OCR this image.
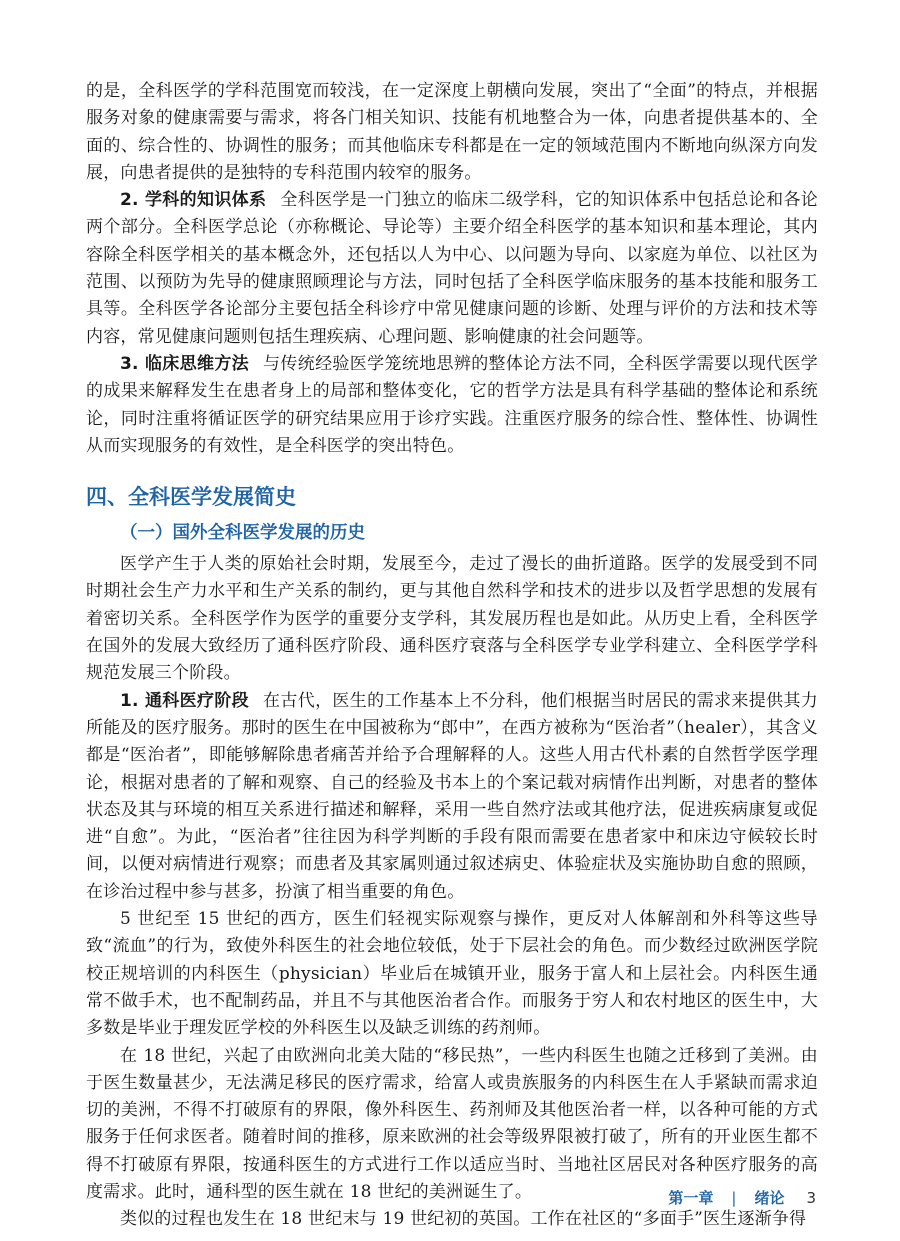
的是，全科医学的学科范围宽而较浅，在一定深度上朝横向发展，突出了“全面”的特点，并根据服务对象的健康需要与需求，将各门相关知识、技能有机地整合为一体，向患者提供基本的、全面的、综合性的、协调性的服务；而其他临床专科都是在一定的领域范围内不断地向纵深方向发展，向患者提供的是独特的专科范围内较窄的服务。

2. 学科的知识体系 全科医学是一门独立的临床二级学科，它的知识体系中包括总论和各论两个部分。全科医学总论（亦称概论、导论等）主要介绍全科医学的基本知识和基本理论，其内容除全科医学相关的基本概念外，还包括以人为中心、以问题为导向、以家庭为单位、以社区为范围、以预防为先导的健康照顾理论与方法，同时包括了全科医学临床服务的基本技能和服务工具等。全科医学各论部分主要包括全科诊疗中常见健康问题的诊断、处理与评价的方法和技术等内容，常见健康问题则包括生理疾病、心理问题、影响健康的社会问题等。

3. 临床思维方法 与传统经验医学笼统地思辨的整体论方法不同，全科医学需要以现代医学的成果来解释发生在患者身上的局部和整体变化，它的哲学方法是具有科学基础的整体论和系统论，同时注重将循证医学的研究结果应用于诊疗实践。注重医疗服务的综合性、整体性、协调性从而实现服务的有效性，是全科医学的突出特色。

四、全科医学发展简史
（一）国外全科医学发展的历史

医学产生于人类的原始社会时期，发展至今，走过了漫长的曲折道路。医学的发展受到不同时期社会生产力水平和生产关系的制约，更与其他自然科学和技术的进步以及哲学思想的发展有着密切关系。全科医学作为医学的重要分支学科，其发展历程也是如此。从历史上看，全科医学在国外的发展大致经历了通科医疗阶段、通科医疗衰落与全科医学专业学科建立、全科医学学科规范发展三个阶段。

1. 通科医疗阶段 在古代，医生的工作基本上不分科，他们根据当时居民的需求来提供其力所能及的医疗服务。那时的医生在中国被称为“郎中”，在西方被称为“医治者”（healer），其含义都是“医治者”，即能够解除患者痛苦并给予合理解释的人。这些人用古代朴素的自然哲学医学理论，根据对患者的了解和观察、自己的经验及书本上的个案记载对病情作出判断，对患者的整体状态及其与环境的相互关系进行描述和解释，采用一些自然疗法或其他疗法，促进疾病康复或促进“自愈”。为此，“医治者”往往因为科学判断的手段有限而需要在患者家中和床边守候较长时间，以便对病情进行观察；而患者及其家属则通过叙述病史、体验症状及实施协助自愈的照顾，在诊治过程中参与甚多，扮演了相当重要的角色。

5 世纪至 15 世纪的西方，医生们轻视实际观察与操作，更反对人体解剖和外科等这些导致“流血”的行为，致使外科医生的社会地位较低，处于下层社会的角色。而少数经过欧洲医学院校正规培训的内科医生（physician）毕业后在城镇开业，服务于富人和上层社会。内科医生通常不做手术，也不配制药品，并且不与其他医治者合作。而服务于穷人和农村地区的医生中，大多数是毕业于理发匠学校的外科医生以及缺乏训练的药剂师。

在 18 世纪，兴起了由欧洲向北美大陆的“移民热”，一些内科医生也随之迁移到了美洲。由于医生数量甚少，无法满足移民的医疗需求，给富人或贵族服务的内科医生在人手紧缺而需求迫切的美洲，不得不打破原有的界限，像外科医生、药剂师及其他医治者一样，以各种可能的方式服务于任何求医者。随着时间的推移，原来欧洲的社会等级界限被打破了，所有的开业医生都不得不打破原有界限，按通科医生的方式进行工作以适应当时、当地社区居民对各种医疗服务的高度需求。此时，通科型的医生就在 18 世纪的美洲诞生了。

类似的过程也发生在 18 世纪末与 19 世纪初的英国。工作在社区的“多面手”医生逐渐争得

第一章 | 绪论 3
